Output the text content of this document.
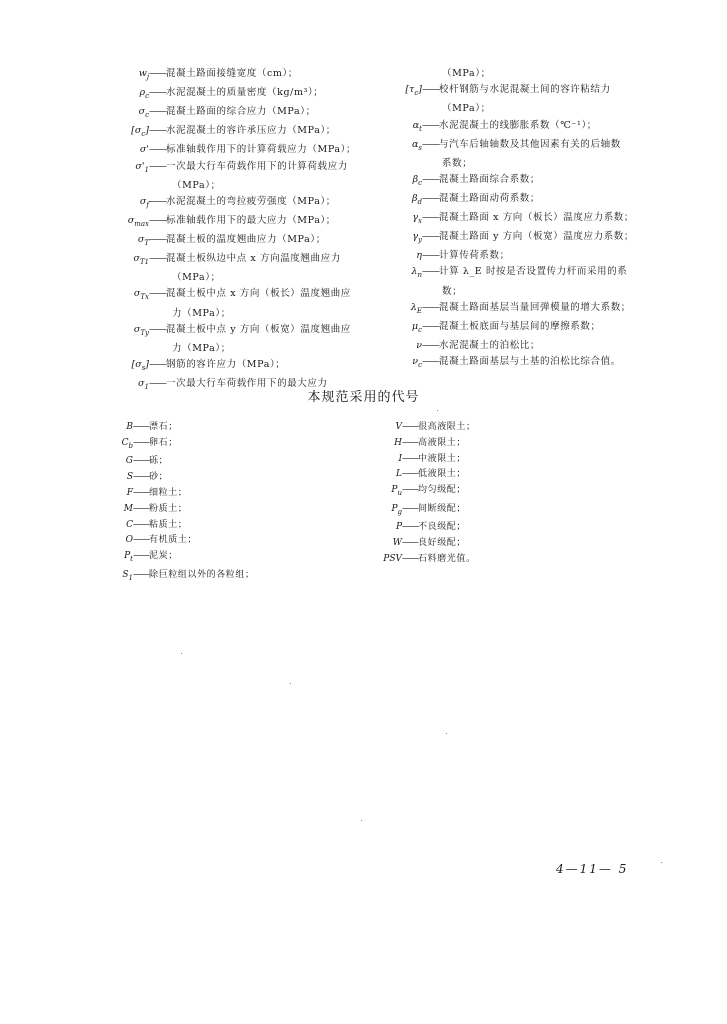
$w_j$ —— 混凝土路面接缝宽度（cm）；
$\rho_c$ —— 水泥混凝土的质量密度（kg/m³）；
$\sigma_c$ —— 混凝土路面的综合应力（MPa）；
$[\sigma_c]$ —— 水泥混凝土的容许承压应力（MPa）；
σ' —— 标准轴载作用下的计算荷载应力（MPa）；
$\sigma'_1$ —— 一次最大行车荷载作用下的计算荷载应力
（MPa）；
$\sigma_f$ —— 水泥混凝土的弯拉疲劳强度（MPa）；
$\sigma_{max}$ —— 标准轴载作用下的最大应力（MPa）；
$\sigma_T$ —— 混凝土板的温度翘曲应力（MPa）；
$\sigma_{T1}$ —— 混凝土板纵边中点 x 方向温度翘曲应力
（MPa）；
$\sigma_{Tx}$ —— 混凝土板中点 x 方向（板长）温度翘曲应
力（MPa）；
$\sigma_{Ty}$ —— 混凝土板中点 y 方向（板宽）温度翘曲应
力（MPa）；
$[\sigma_s]$ —— 钢筋的容许应力（MPa）；
$\sigma_1$ —— 一次最大行车荷载作用下的最大应力
（MPa）；
$[\tau_c]$ —— 校杆钢筋与水泥混凝土间的容许粘结力
（MPa）；
$\alpha_t$ —— 水泥混凝土的线膨胀系数（℃⁻¹）；
$\alpha_s$ —— 与汽车后轴轴数及其他因素有关的后轴数
系数；
$\beta_c$ —— 混凝土路面综合系数；
$\beta_d$ —— 混凝土路面动荷系数；
$\gamma_x$ —— 混凝土路面 x 方向（板长）温度应力系数；
$\gamma_y$ —— 混凝土路面 y 方向（板宽）温度应力系数；
η —— 计算传荷系数；
$\lambda_n$ —— 计算 λ_E 时按是否设置传力杆而采用的系
数；
$\lambda_E$ —— 混凝土路面基层当量回弹模量的增大系数；
$\mu_c$ —— 混凝土板底面与基层间的摩擦系数；
ν —— 水泥混凝土的泊松比；
$\nu_c$ —— 混凝土路面基层与土基的泊松比综合值。
本规范采用的代号
B —— 漂石；
$C_b$ —— 卵石；
G —— 砾；
S —— 砂；
F —— 细粒土；
M —— 粉质土；
C —— 粘质土；
O —— 有机质土；
$P_t$ —— 泥炭；
$S_1$ —— 除巨粒组以外的各粒组；
V —— 很高液限土；
H —— 高液限土；
I —— 中液限土；
L —— 低液限土；
$P_u$ —— 均匀级配；
$P_g$ —— 间断级配；
P —— 不良级配；
W —— 良好级配；
PSV —— 石料磨光值。
4—11— 5
